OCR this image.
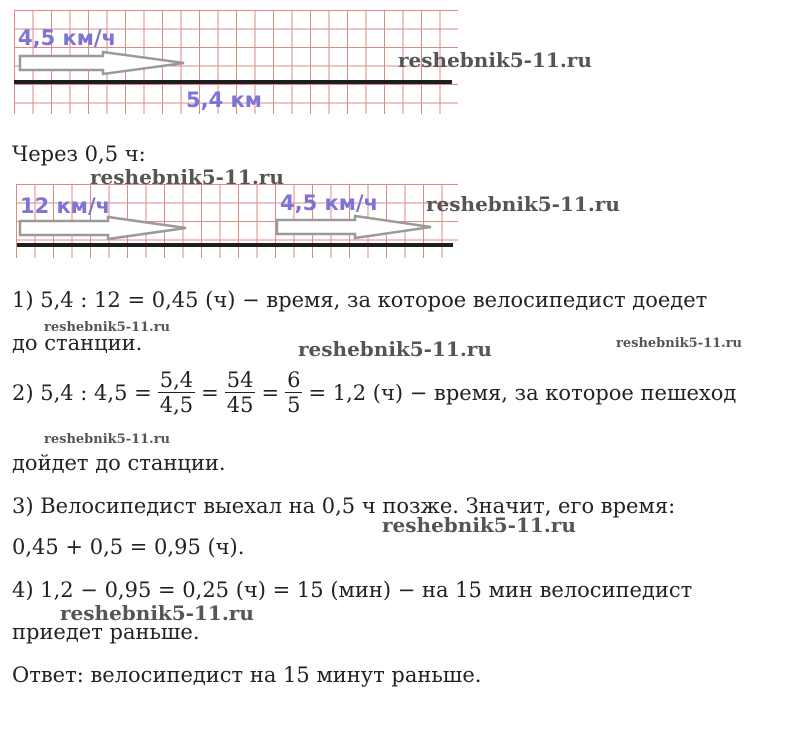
4,5 км/ч
5,4 км
reshebnik5-11.ru
Через 0,5 ч:
12 км/ч	4,5 км/ч
reshebnik5-11.ru
reshebnik5-11.ru
1) 5,4 : 12 = 0,45 (ч) − время, за которое велосипедист доедет
до станции.
2) 5,4 : $4,5 = \frac{5,4}{4,5} = \frac{54}{45} = \frac{6}{5} = 1,2$ (ч) − время, за которое пешеход
дойдет до станции.
3) Велосипедист выехал на 0,5 ч позже. Значит, его время:
0,45 + 0,5 = 0,95 (ч).
4) 1,2 − 0,95 = 0,25 (ч) = 15 (мин) − на 15 мин велосипедист
приедет раньше.
Ответ: велосипедист на 15 минут раньше.
reshebnik5-11.ru
reshebnik5-11.ru	reshebnik5-11.ru
reshebnik5-11.ru
reshebnik5-11.ru
reshebnik5-11.ru
